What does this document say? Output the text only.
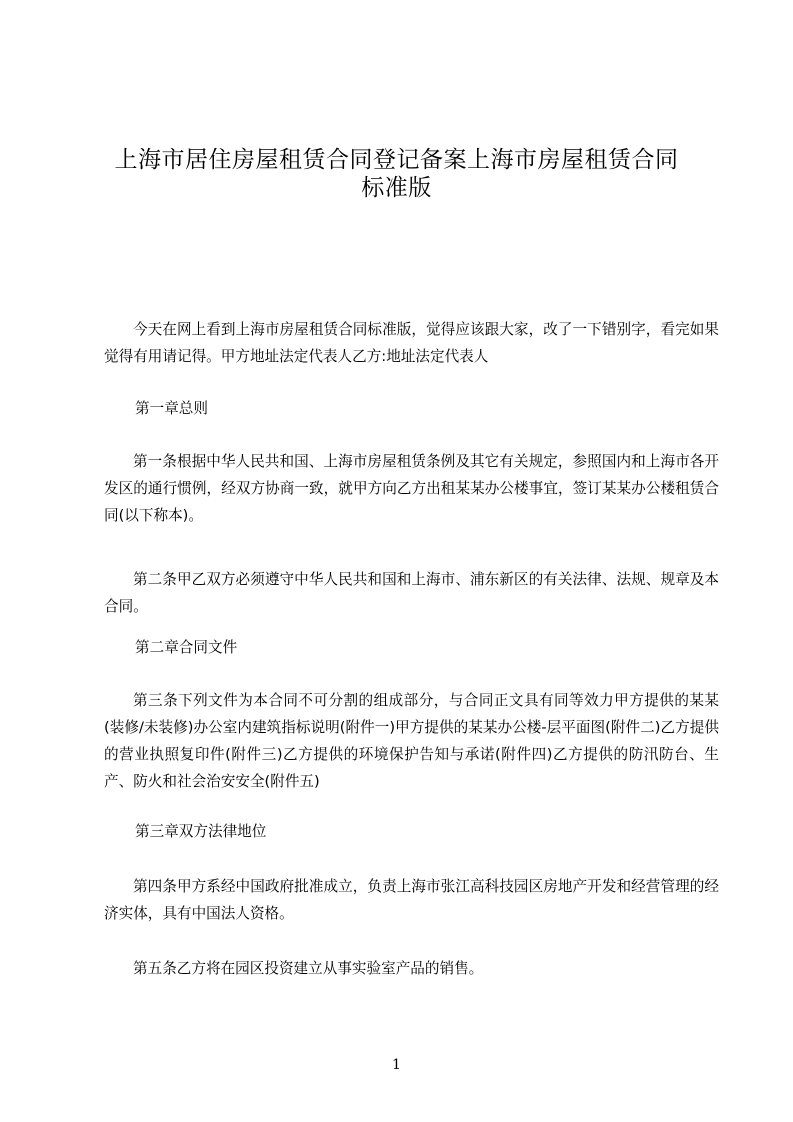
上海市居住房屋租赁合同登记备案上海市房屋租赁合同
标准版

今天在网上看到上海市房屋租赁合同标准版，觉得应该跟大家，改了一下错别字，看完如果觉得有用请记得。甲方地址法定代表人乙方:地址法定代表人

第一章总则

第一条根据中华人民共和国、上海市房屋租赁条例及其它有关规定，参照国内和上海市各开发区的通行惯例，经双方协商一致，就甲方向乙方出租某某办公楼事宜，签订某某办公楼租赁合同(以下称本)。

第二条甲乙双方必须遵守中华人民共和国和上海市、浦东新区的有关法律、法规、规章及本合同。

第二章合同文件

第三条下列文件为本合同不可分割的组成部分，与合同正文具有同等效力甲方提供的某某(装修/未装修)办公室内建筑指标说明(附件一)甲方提供的某某办公楼-层平面图(附件二)乙方提供的营业执照复印件(附件三)乙方提供的环境保护告知与承诺(附件四)乙方提供的防汛防台、生产、防火和社会治安安全(附件五)

第三章双方法律地位

第四条甲方系经中国政府批准成立，负责上海市张江高科技园区房地产开发和经营管理的经济实体，具有中国法人资格。

第五条乙方将在园区投资建立从事实验室产品的销售。

1
